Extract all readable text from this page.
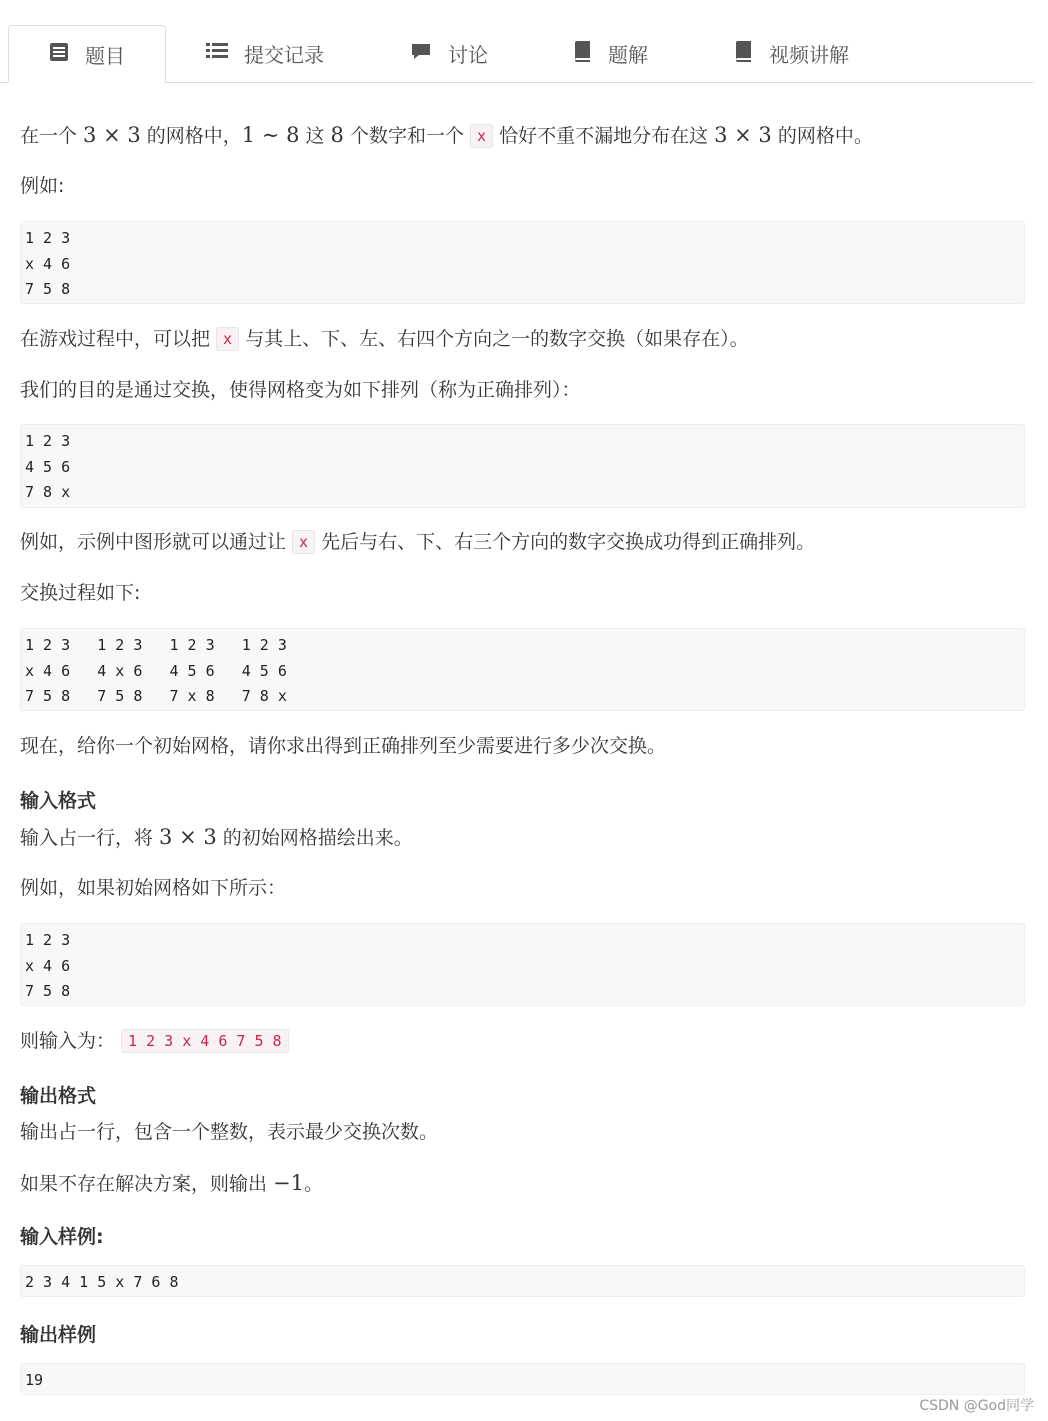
题目	提交记录	讨论	题解	视频讲解
在一个 3 × 3 的网格中，1 ∼ 8 这 8 个数字和一个 x 恰好不重不漏地分布在这 3 × 3 的网格中。
例如:
1 2 3
x 4 6
7 5 8
在游戏过程中，可以把 x 与其上、下、左、右四个方向之一的数字交换（如果存在）。
我们的目的是通过交换，使得网格变为如下排列（称为正确排列）：
1 2 3
4 5 6
7 8 x
例如，示例中图形就可以通过让 x 先后与右、下、右三个方向的数字交换成功得到正确排列。
交换过程如下:
1 2 3   1 2 3   1 2 3   1 2 3
x 4 6   4 x 6   4 5 6   4 5 6
7 5 8   7 5 8   7 x 8   7 8 x
现在，给你一个初始网格，请你求出得到正确排列至少需要进行多少次交换。
输入格式
输入占一行，将 3 × 3 的初始网格描绘出来。
例如，如果初始网格如下所示：
1 2 3
x 4 6
7 5 8
则输入为： 1 2 3 x 4 6 7 5 8
输出格式
输出占一行，包含一个整数，表示最少交换次数。
如果不存在解决方案，则输出 −1。
输入样例:
2 3 4 1 5 x 7 6 8
输出样例
19
CSDN @God同学
